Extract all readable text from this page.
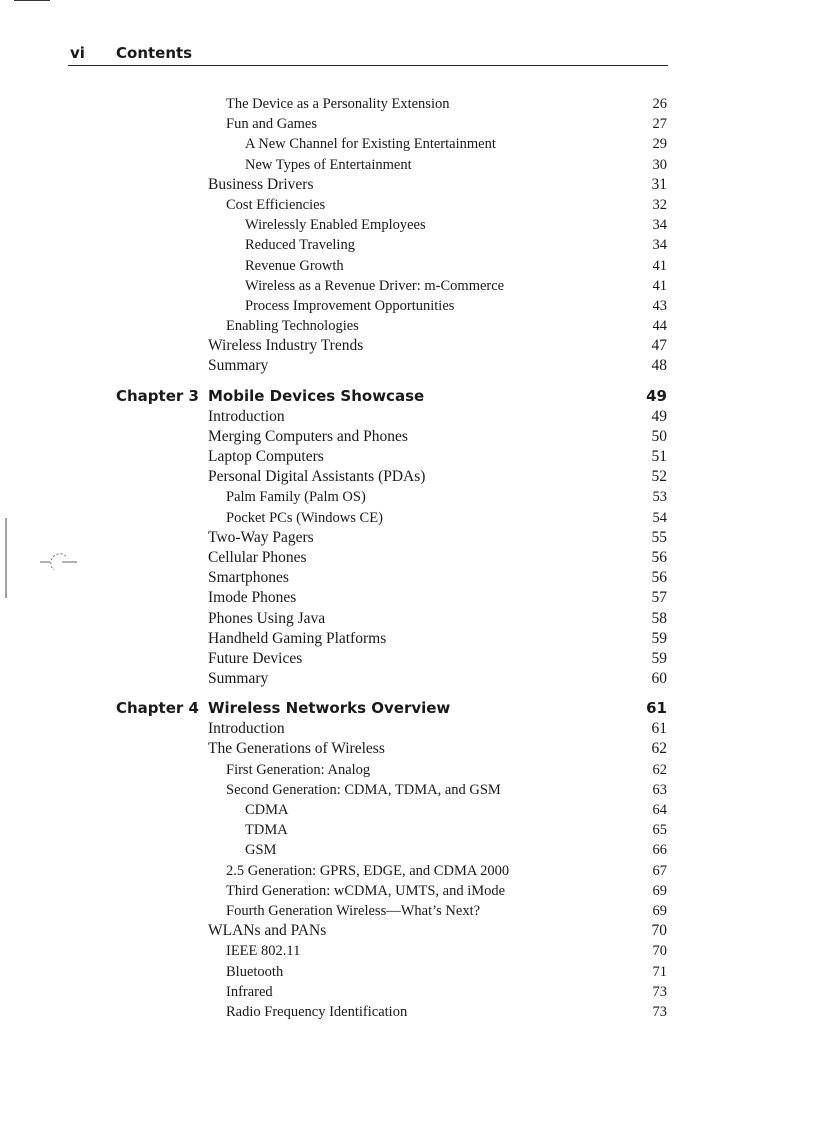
vi Contents
The Device as a Personality Extension	26
Fun and Games	27
A New Channel for Existing Entertainment	29
New Types of Entertainment	30
Business Drivers	31
Cost Efficiencies	32
Wirelessly Enabled Employees	34
Reduced Traveling	34
Revenue Growth	41
Wireless as a Revenue Driver: m-Commerce	41
Process Improvement Opportunities	43
Enabling Technologies	44
Wireless Industry Trends	47
Summary	48
Chapter 3 Mobile Devices Showcase	49
Introduction	49
Merging Computers and Phones	50
Laptop Computers	51
Personal Digital Assistants (PDAs)	52
Palm Family (Palm OS)	53
Pocket PCs (Windows CE)	54
Two-Way Pagers	55
Cellular Phones	56
Smartphones	56
Imode Phones	57
Phones Using Java	58
Handheld Gaming Platforms	59
Future Devices	59
Summary	60
Chapter 4 Wireless Networks Overview	61
Introduction	61
The Generations of Wireless	62
First Generation: Analog	62
Second Generation: CDMA, TDMA, and GSM	63
CDMA	64
TDMA	65
GSM	66
2.5 Generation: GPRS, EDGE, and CDMA 2000	67
Third Generation: wCDMA, UMTS, and iMode	69
Fourth Generation Wireless—What’s Next?	69
WLANs and PANs	70
IEEE 802.11	70
Bluetooth	71
Infrared	73
Radio Frequency Identification	73
